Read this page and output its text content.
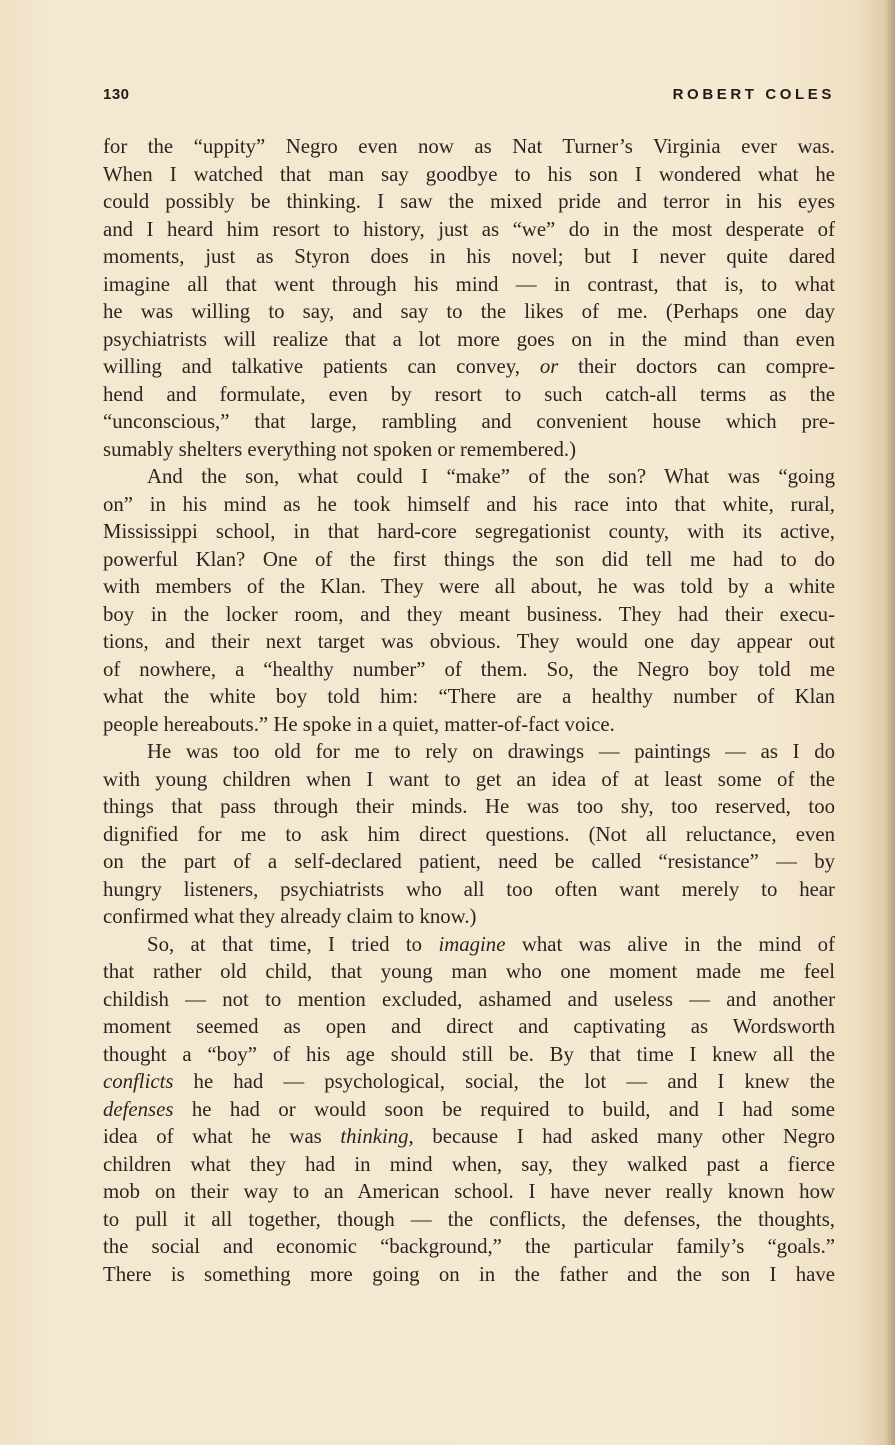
130	ROBERT COLES
for the “uppity” Negro even now as Nat Turner’s Virginia ever was.
When I watched that man say goodbye to his son I wondered what he
could possibly be thinking. I saw the mixed pride and terror in his eyes
and I heard him resort to history, just as “we” do in the most desperate of
moments, just as Styron does in his novel; but I never quite dared
imagine all that went through his mind — in contrast, that is, to what
he was willing to say, and say to the likes of me. (Perhaps one day
psychiatrists will realize that a lot more goes on in the mind than even
willing and talkative patients can convey, or their doctors can compre-
hend and formulate, even by resort to such catch-all terms as the
“unconscious,” that large, rambling and convenient house which pre-
sumably shelters everything not spoken or remembered.)
And the son, what could I “make” of the son? What was “going
on” in his mind as he took himself and his race into that white, rural,
Mississippi school, in that hard-core segregationist county, with its active,
powerful Klan? One of the first things the son did tell me had to do
with members of the Klan. They were all about, he was told by a white
boy in the locker room, and they meant business. They had their execu-
tions, and their next target was obvious. They would one day appear out
of nowhere, a “healthy number” of them. So, the Negro boy told me
what the white boy told him: “There are a healthy number of Klan
people hereabouts.” He spoke in a quiet, matter-of-fact voice.
He was too old for me to rely on drawings — paintings — as I do
with young children when I want to get an idea of at least some of the
things that pass through their minds. He was too shy, too reserved, too
dignified for me to ask him direct questions. (Not all reluctance, even
on the part of a self-declared patient, need be called “resistance” — by
hungry listeners, psychiatrists who all too often want merely to hear
confirmed what they already claim to know.)
So, at that time, I tried to imagine what was alive in the mind of
that rather old child, that young man who one moment made me feel
childish — not to mention excluded, ashamed and useless — and another
moment seemed as open and direct and captivating as Wordsworth
thought a “boy” of his age should still be. By that time I knew all the
conflicts he had — psychological, social, the lot — and I knew the
defenses he had or would soon be required to build, and I had some
idea of what he was thinking, because I had asked many other Negro
children what they had in mind when, say, they walked past a fierce
mob on their way to an American school. I have never really known how
to pull it all together, though — the conflicts, the defenses, the thoughts,
the social and economic “background,” the particular family’s “goals.”
There is something more going on in the father and the son I have
